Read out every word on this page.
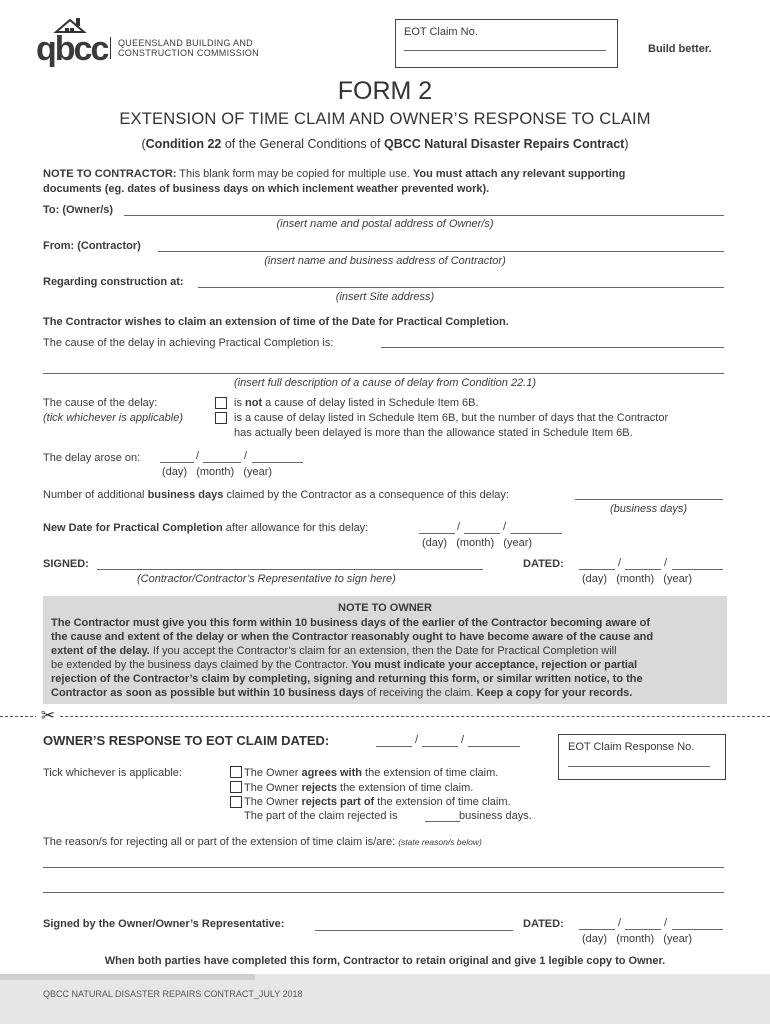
qbcc QUEENSLAND BUILDING AND
CONSTRUCTION COMMISSION
EOT Claim No.
Build better.
FORM 2
EXTENSION OF TIME CLAIM AND OWNER’S RESPONSE TO CLAIM
(Condition 22 of the General Conditions of QBCC Natural Disaster Repairs Contract)
NOTE TO CONTRACTOR: This blank form may be copied for multiple use. You must attach any relevant supporting
documents (eg. dates of business days on which inclement weather prevented work).
To: (Owner/s)
(insert name and postal address of Owner/s)
From: (Contractor)
(insert name and business address of Contractor)
Regarding construction at:
(insert Site address)
The Contractor wishes to claim an extension of time of the Date for Practical Completion.
The cause of the delay in achieving Practical Completion is:
(insert full description of a cause of delay from Condition 22.1)
The cause of the delay:
(tick whichever is applicable)
is not a cause of delay listed in Schedule Item 6B.
is a cause of delay listed in Schedule Item 6B, but the number of days that the Contractor
has actually been delayed is more than the allowance stated in Schedule Item 6B.
The delay arose on:	/	/
(day)   (month)   (year)
Number of additional business days claimed by the Contractor as a consequence of this delay:
(business days)
New Date for Practical Completion after allowance for this delay:	/	/
(day)   (month)   (year)
SIGNED:
(Contractor/Contractor’s Representative to sign here)
DATED:	/	/
(day)   (month)   (year)
NOTE TO OWNER
The Contractor must give you this form within 10 business days of the earlier of the Contractor becoming aware of
the cause and extent of the delay or when the Contractor reasonably ought to have become aware of the cause and
extent of the delay. If you accept the Contractor’s claim for an extension, then the Date for Practical Completion will
be extended by the business days claimed by the Contractor. You must indicate your acceptance, rejection or partial
rejection of the Contractor’s claim by completing, signing and returning this form, or similar written notice, to the
Contractor as soon as possible but within 10 business days of receiving the claim. Keep a copy for your records.
✂
OWNER’S RESPONSE TO EOT CLAIM DATED:	/	/
EOT Claim Response No.
Tick whichever is applicable:	The Owner agrees with the extension of time claim.
The Owner rejects the extension of time claim.
The Owner rejects part of the extension of time claim.
The part of the claim rejected is	business days.
The reason/s for rejecting all or part of the extension of time claim is/are: (state reason/s below)
Signed by the Owner/Owner’s Representative:	DATED:	/	/
(day)   (month)   (year)
When both parties have completed this form, Contractor to retain original and give 1 legible copy to Owner.
QBCC NATURAL DISASTER REPAIRS CONTRACT_JULY 2018
